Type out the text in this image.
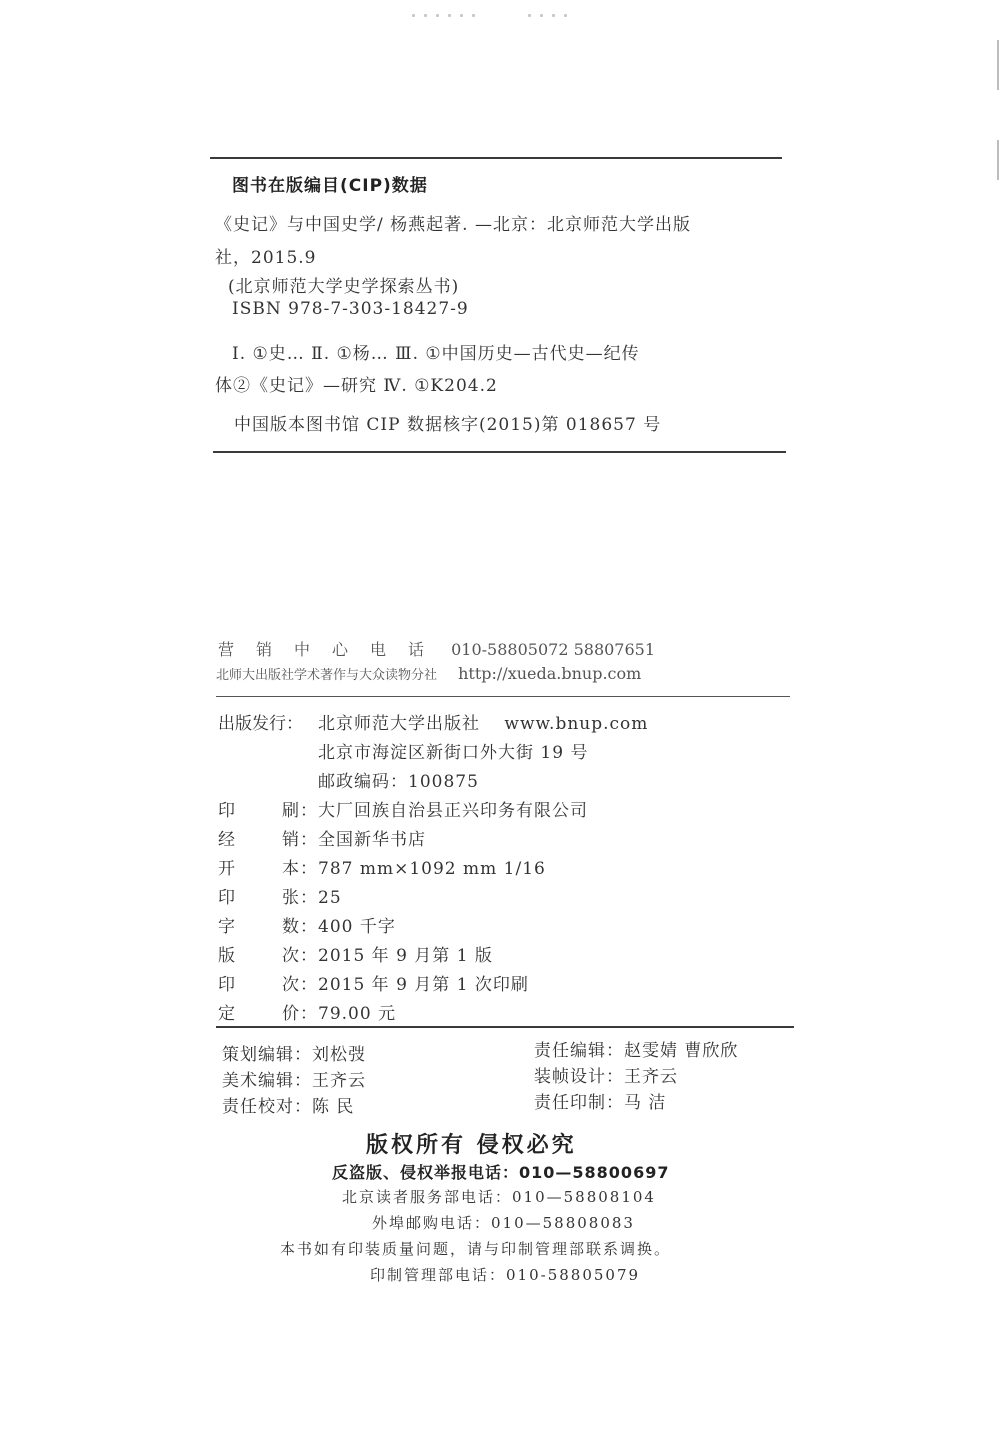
图书在版编目(CIP)数据
《史记》与中国史学/ 杨燕起著. —北京：北京师范大学出版
社，2015.9
(北京师范大学史学探索丛书)
ISBN 978-7-303-18427-9
Ⅰ. ①史… Ⅱ. ①杨… Ⅲ. ①中国历史—古代史—纪传
体②《史记》—研究 Ⅳ. ①K204.2
中国版本图书馆 CIP 数据核字(2015)第 018657 号
营销中心电话 010-58805072 58807651
北师大出版社学术著作与大众读物分社 http://xueda.bnup.com
出版发行： 北京师范大学出版社 www.bnup.com
北京市海淀区新街口外大街 19 号
邮政编码：100875
印	刷：大厂回族自治县正兴印务有限公司
经	销：全国新华书店
开	本：787 mm×1092 mm 1/16
印	张：25
字	数：400 千字
版	次：2015 年 9 月第 1 版
印	次：2015 年 9 月第 1 次印刷
定	价：79.00 元
策划编辑：刘松弢
美术编辑：王齐云
责任校对：陈 民
责任编辑：赵雯婧 曹欣欣
装帧设计：王齐云
责任印制：马 洁
版权所有 侵权必究
反盗版、侵权举报电话：010—58800697
北京读者服务部电话：010—58808104
外埠邮购电话：010—58808083
本书如有印装质量问题，请与印制管理部联系调换。
印制管理部电话：010-58805079
